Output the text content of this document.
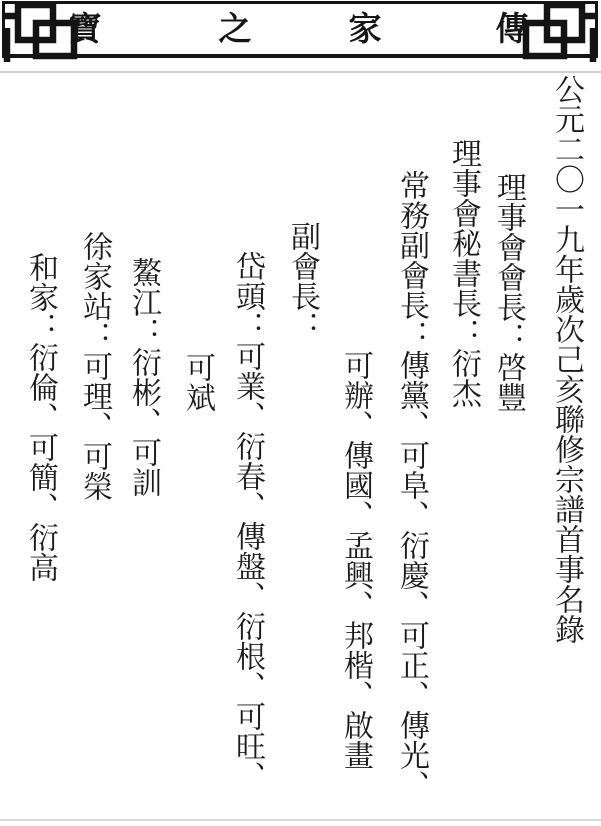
寶	之	家	傳
公元二〇一九年歲次己亥聯修宗譜首事名錄
理事會會長：啓豐
理事會秘書長：衍杰
常務副會長：傳黨、可阜、衍慶、可正、傳光、
可辦、傳國、孟興、邦楷、啟畫
副會長：
岱頭：可業、衍春、傳盤、衍根、可旺、
可斌
鰲江：衍彬、可訓
徐家站：可理、可榮
和家：衍倫、可簡、衍高
